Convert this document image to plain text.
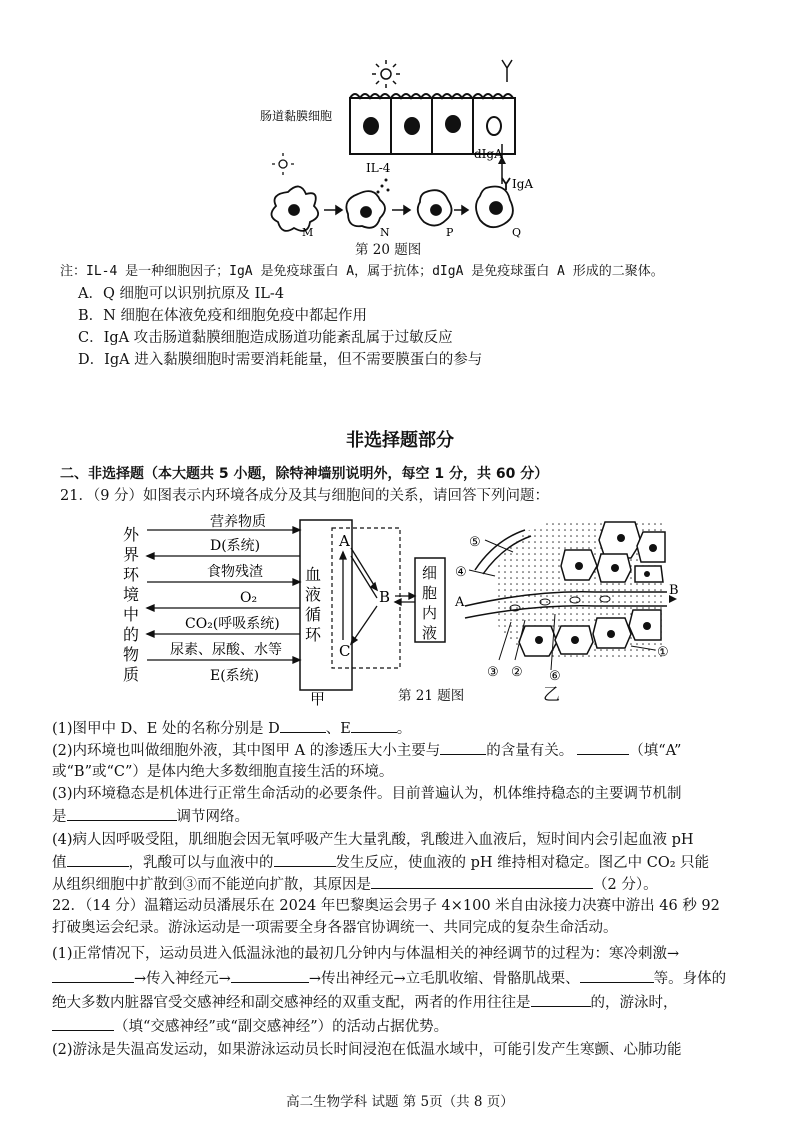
肠道黏膜细胞
dIgA
IL-4
IgA
M	N	P	Q
第 20 题图
注：IL-4 是一种细胞因子；IgA 是免疫球蛋白 A，属于抗体；dIgA 是免疫球蛋白 A 形成的二聚体。
A．Q 细胞可以识别抗原及 IL-4
B．N 细胞在体液免疫和细胞免疫中都起作用
C．IgA 攻击肠道黏膜细胞造成肠道功能紊乱属于过敏反应
D．IgA 进入黏膜细胞时需要消耗能量，但不需要膜蛋白的参与
非选择题部分
二、非选择题（本大题共 5 小题，除特神墙别说明外，每空 1 分，共 60 分）
21．（9 分）如图表示内环境各成分及其与细胞间的关系，请回答下列问题：
外
界
环
境
中
的
物
质
营养物质
D(系统)
食物残渣
O₂
CO₂(呼吸系统)
尿素、尿酸、水等
E(系统)
血
液
循
环
A
B
C
细
胞
内
液
甲
⑤
④
A
B
①
③ ② ⑥
第 21 题图	乙
(1)图甲中 D、E 处的名称分别是 D	、E	。
(2)内环境也叫做细胞外液，其中图甲 A 的渗透压大小主要与	的含量有关。	（填“A”
或“B”或“C”）是体内绝大多数细胞直接生活的环境。
(3)内环境稳态是机体进行正常生命活动的必要条件。目前普遍认为，机体维持稳态的主要调节机制
是	调节网络。
(4)病人因呼吸受阻，肌细胞会因无氧呼吸产生大量乳酸，乳酸进入血液后，短时间内会引起血液 pH
值	，乳酸可以与血液中的	发生反应，使血液的 pH 维持相对稳定。图乙中 CO₂ 只能
从组织细胞中扩散到③而不能逆向扩散，其原因是	（2 分）。
22．（14 分）温籍运动员潘展乐在 2024 年巴黎奥运会男子 4×100 米自由泳接力决赛中游出 46 秒 92
打破奥运会纪录。游泳运动是一项需要全身各器官协调统一、共同完成的复杂生命活动。
(1)正常情况下，运动员进入低温泳池的最初几分钟内与体温相关的神经调节的过程为：寒冷刺激→
→传入神经元→	→传出神经元→立毛肌收缩、骨骼肌战栗、	等。身体的
绝大多数内脏器官受交感神经和副交感神经的双重支配，两者的作用往往是	的，游泳时，
（填“交感神经”或“副交感神经”）的活动占据优势。
(2)游泳是失温高发运动，如果游泳运动员长时间浸泡在低温水域中，可能引发产生寒颤、心肺功能
高二生物学科 试题 第 5页（共 8 页）
